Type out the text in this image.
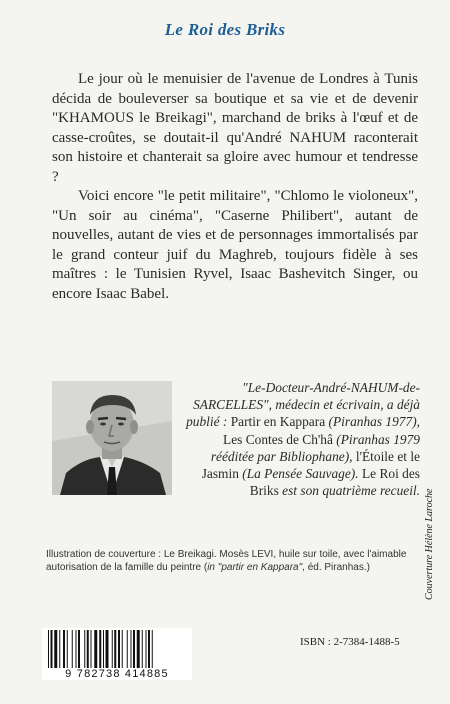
Le Roi des Briks

Le jour où le menuisier de l'avenue de Londres à Tunis décida de bouleverser sa boutique et sa vie et de devenir "KHAMOUS le Breikagi", marchand de briks à l'œuf et de casse-croûtes, se doutait-il qu'André NAHUM raconterait son histoire et chanterait sa gloire avec humour et tendresse ?

Voici encore "le petit militaire", "Chlomo le violoneux", "Un soir au cinéma", "Caserne Philibert", autant de nouvelles, autant de vies et de personnages immortalisés par le grand conteur juif du Maghreb, toujours fidèle à ses maîtres : le Tunisien Ryvel, Isaac Bashevitch Singer, ou encore Isaac Babel.

"Le-Docteur-André-NAHUM-de-SARCELLES", médecin et écrivain, a déjà publié : Partir en Kappara (Piranhas 1977), Les Contes de Ch'hâ (Piranhas 1979 rééditée par Bibliophane), l'Étoile et le Jasmin (La Pensée Sauvage). Le Roi des Briks est son quatrième recueil.
Illustration de couverture : Le Breikagi. Mosès LEVI, huile sur toile, avec l'aimable autorisation de la famille du peintre (in "partir en Kappara", éd. Piranhas.)
9 782738 414885
ISBN : 2-7384-1488-5
Couverture Hélène Laroche
